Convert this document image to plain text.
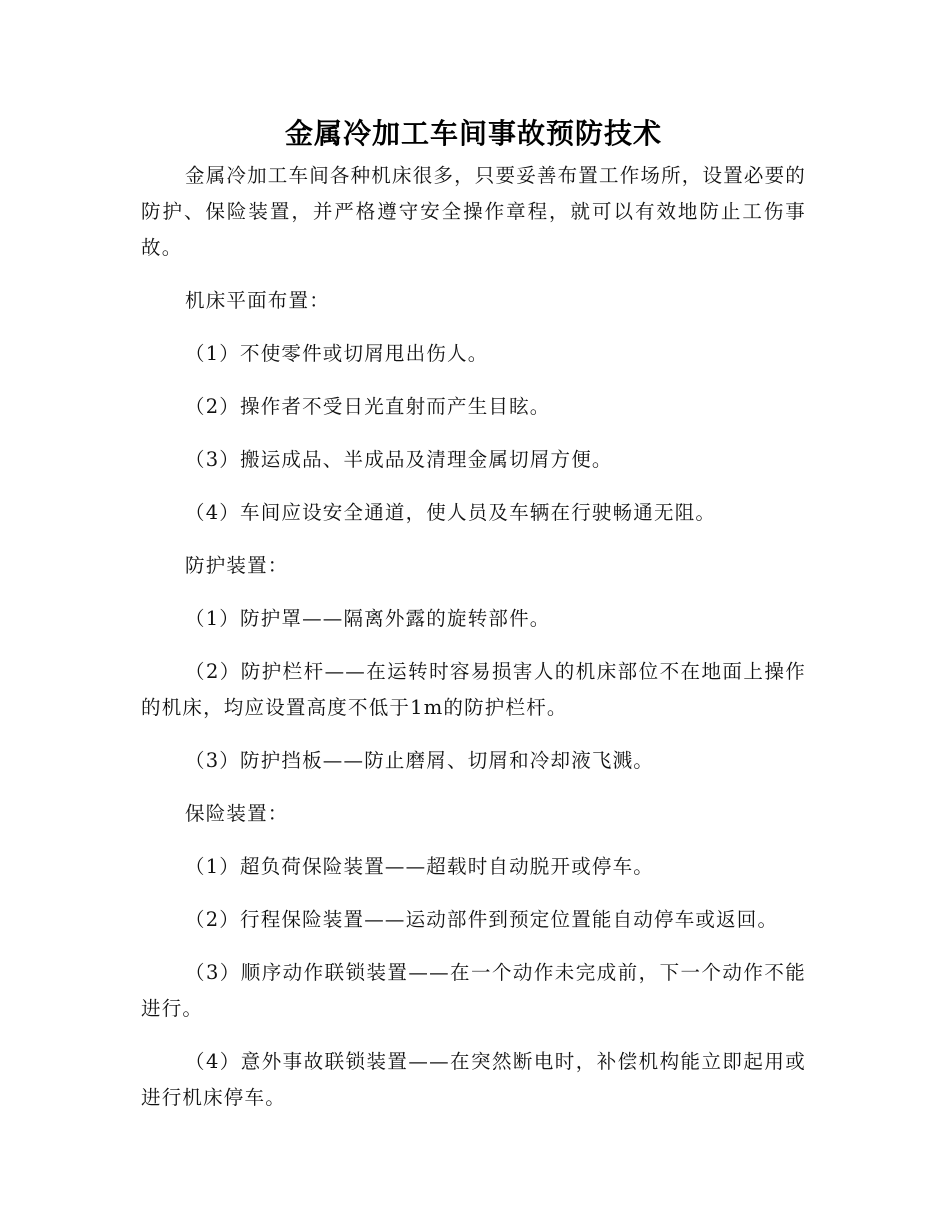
金属冷加工车间事故预防技术

金属冷加工车间各种机床很多，只要妥善布置工作场所，设置必要的防护、保险装置，并严格遵守安全操作章程，就可以有效地防止工伤事故。

机床平面布置：

（1）不使零件或切屑甩出伤人。

（2）操作者不受日光直射而产生目眩。

（3）搬运成品、半成品及清理金属切屑方便。

（4）车间应设安全通道，使人员及车辆在行驶畅通无阻。

防护装置：

（1）防护罩——隔离外露的旋转部件。

（2）防护栏杆——在运转时容易损害人的机床部位不在地面上操作的机床，均应设置高度不低于1m的防护栏杆。

（3）防护挡板——防止磨屑、切屑和冷却液飞溅。

保险装置：

（1）超负荷保险装置——超载时自动脱开或停车。

（2）行程保险装置——运动部件到预定位置能自动停车或返回。

（3）顺序动作联锁装置——在一个动作未完成前，下一个动作不能进行。

（4）意外事故联锁装置——在突然断电时，补偿机构能立即起用或进行机床停车。
